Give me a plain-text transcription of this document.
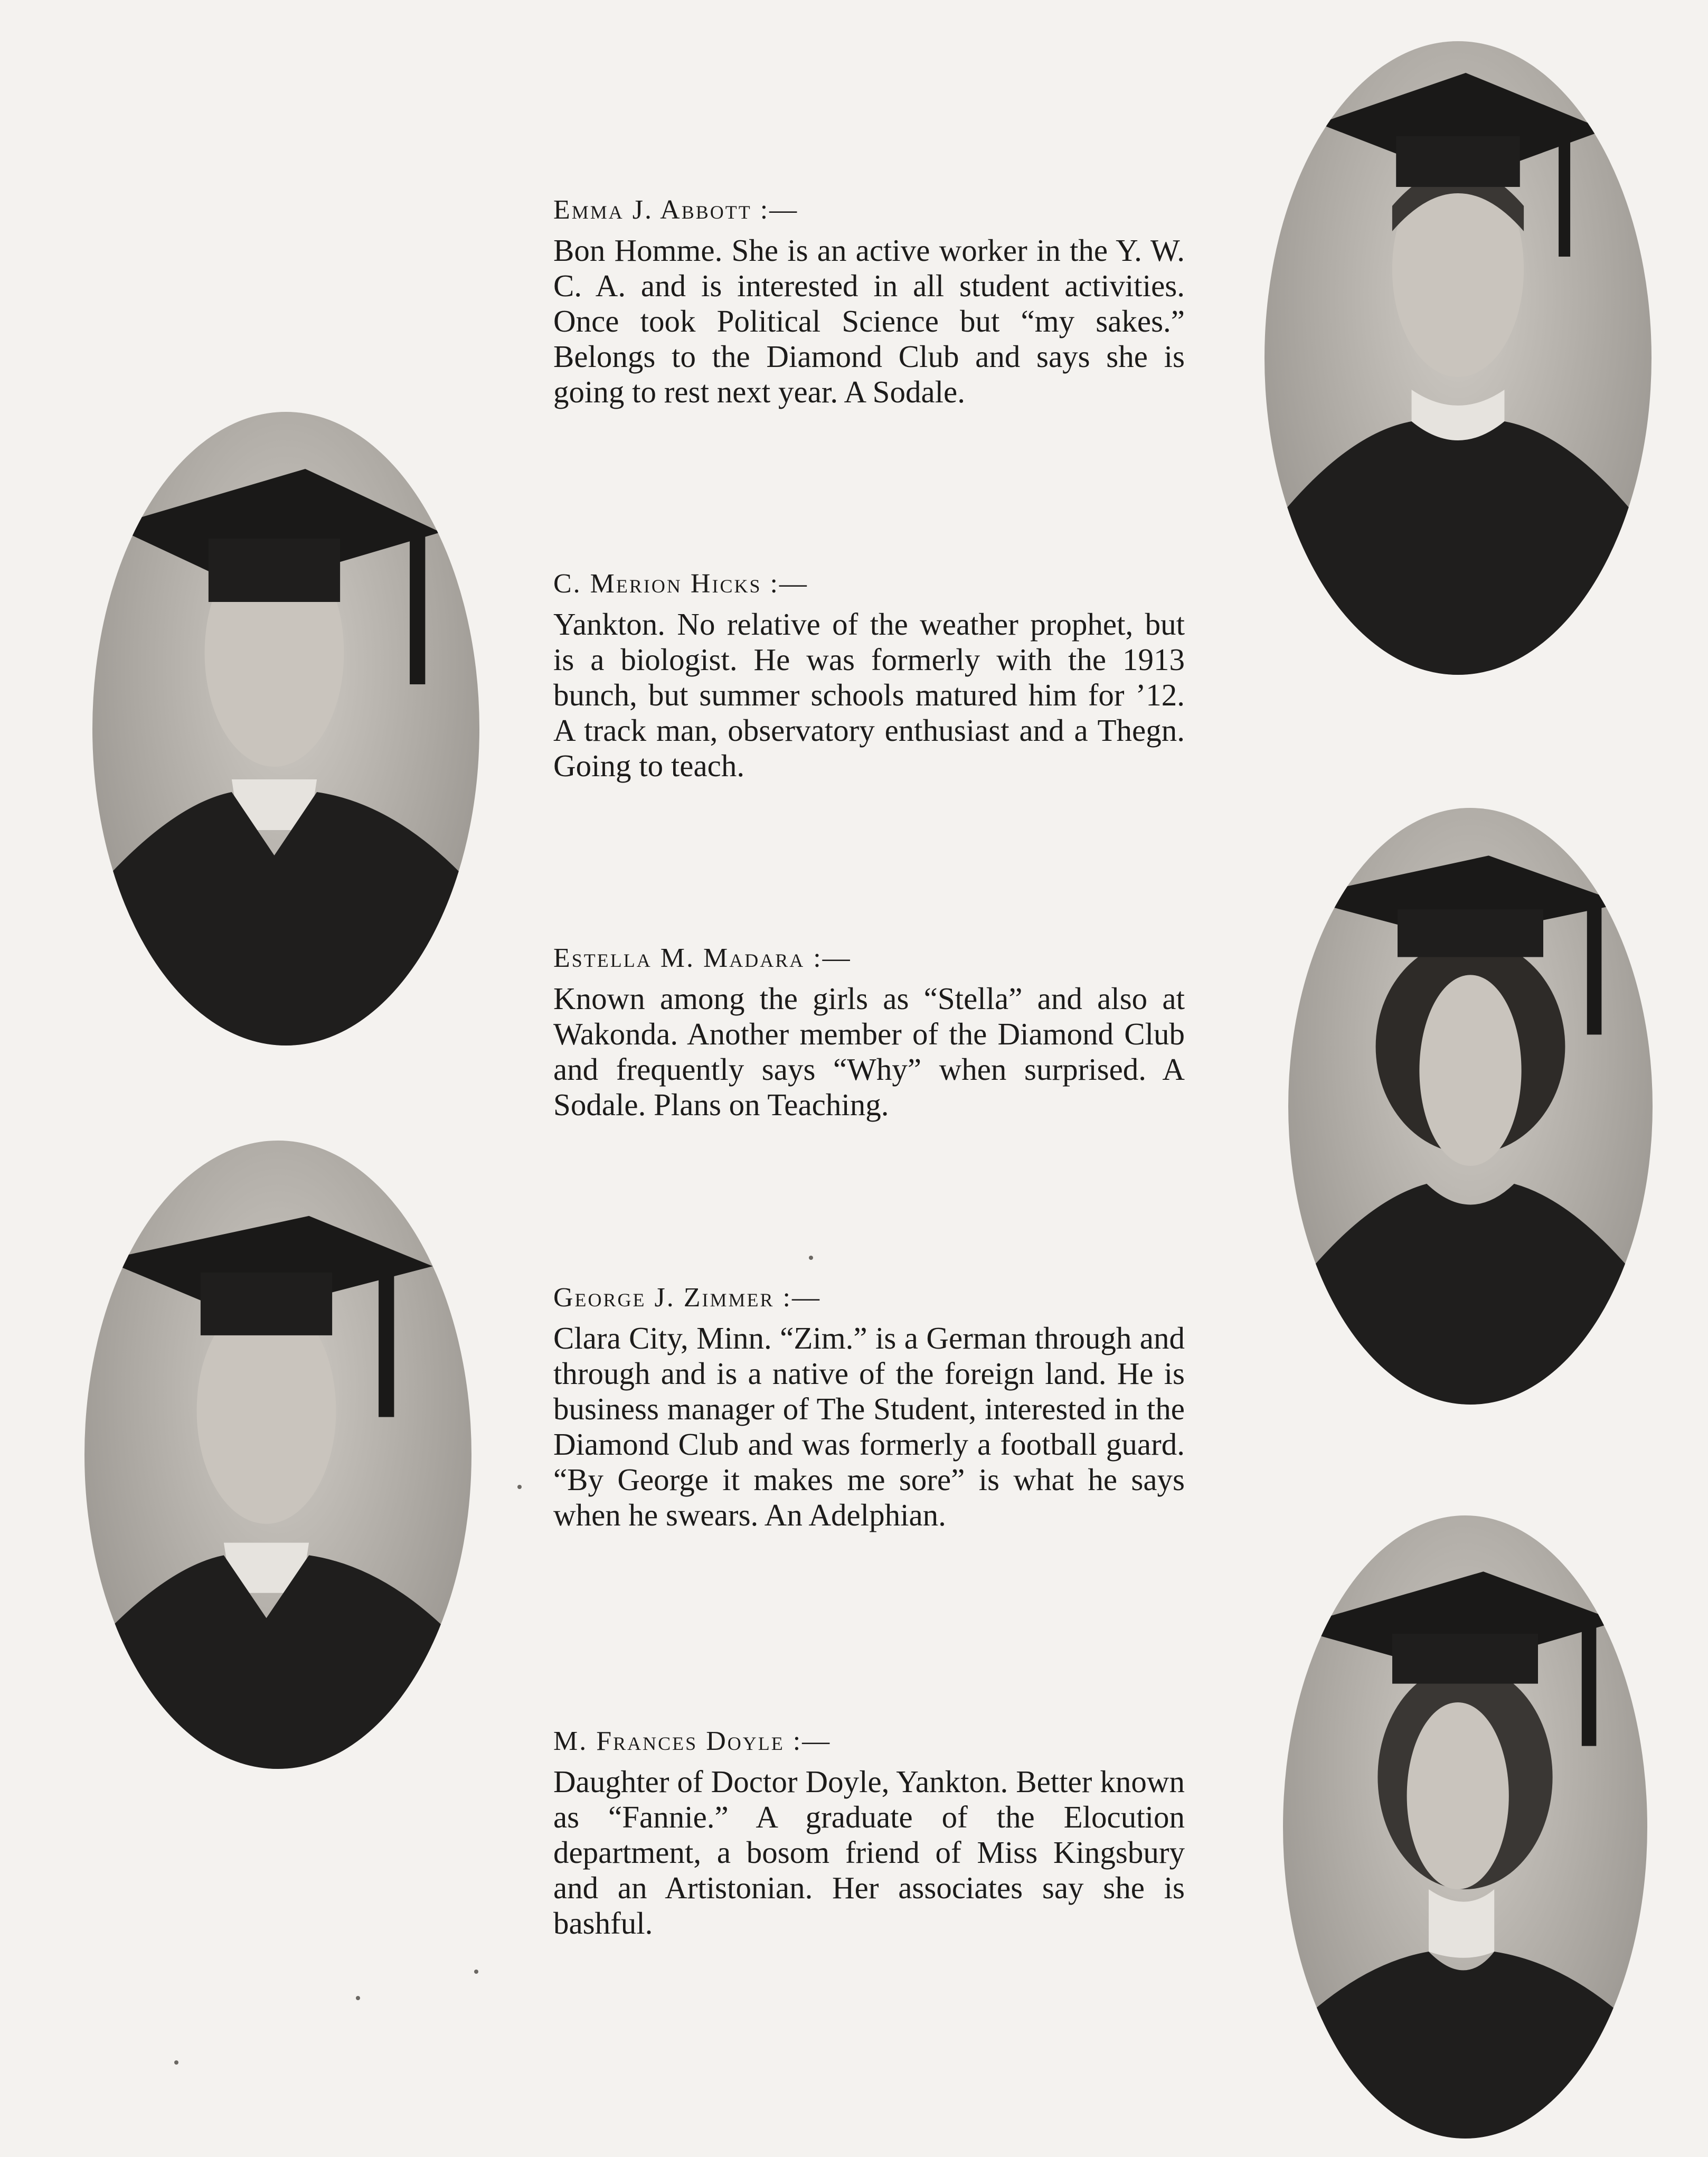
Emma J. Abbott :—

Bon Homme. She is an active worker in the Y. W. C. A. and is interested in all student activities. Once took Political Science but “my sakes.” Belongs to the Diamond Club and says she is going to rest next year. A Sodale.

C. Merion Hicks :—

Yankton. No relative of the weather prophet, but is a biologist. He was formerly with the 1913 bunch, but summer schools matured him for ’12. A track man, observatory enthusiast and a Thegn. Going to teach.

Estella M. Madara :—

Known among the girls as “Stella” and also at Wakonda. Another member of the Diamond Club and frequently says “Why” when surprised. A Sodale. Plans on Teaching.

George J. Zimmer :—

Clara City, Minn. “Zim.” is a German through and through and is a native of the foreign land. He is business manager of The Student, interested in the Diamond Club and was formerly a football guard. “By George it makes me sore” is what he says when he swears. An Adelphian.

M. Frances Doyle :—

Daughter of Doctor Doyle, Yankton. Better known as “Fannie.” A graduate of the Elocution department, a bosom friend of Miss Kingsbury and an Artistonian. Her associates say she is bashful.
